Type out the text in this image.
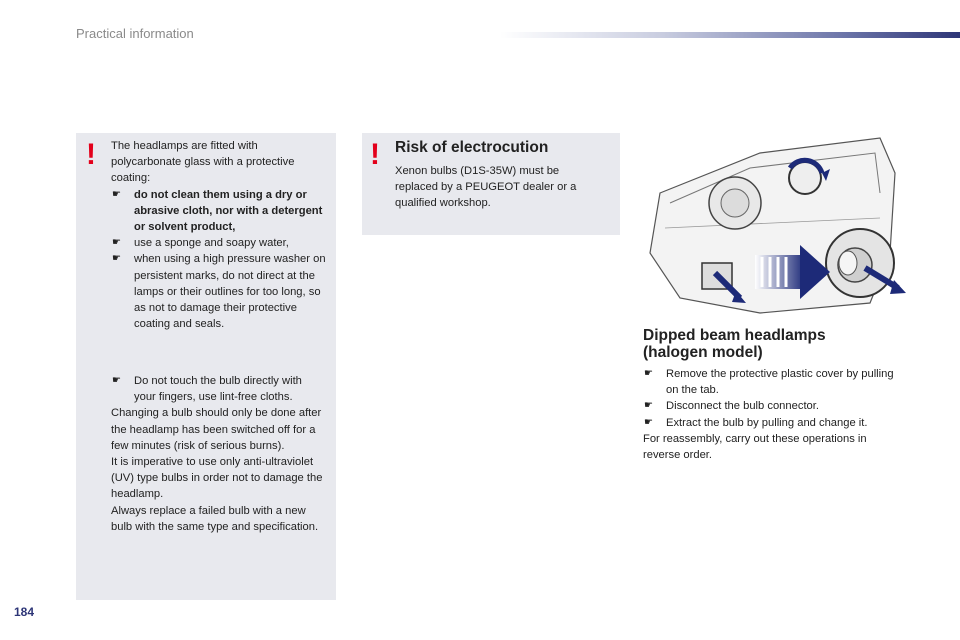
Practical information
! The headlamps are fitted with polycarbonate glass with a protective coating:
☛	do not clean them using a dry or abrasive cloth, nor with a detergent or solvent product,
☛	use a sponge and soapy water,
☛	when using a high pressure washer on persistent marks, do not direct at the lamps or their outlines for too long, so as not to damage their protective coating and seals.
☛	Do not touch the bulb directly with your fingers, use lint-free cloths.
Changing a bulb should only be done after the headlamp has been switched off for a few minutes (risk of serious burns).
It is imperative to use only anti-ultraviolet (UV) type bulbs in order not to damage the headlamp.
Always replace a failed bulb with a new bulb with the same type and specification.
! Risk of electrocution
Xenon bulbs (D1S-35W) must be replaced by a PEUGEOT dealer or a qualified workshop.
Dipped beam headlamps (halogen model)
☛	Remove the protective plastic cover by pulling on the tab.
☛	Disconnect the bulb connector.
☛	Extract the bulb by pulling and change it.
For reassembly, carry out these operations in reverse order.
184
